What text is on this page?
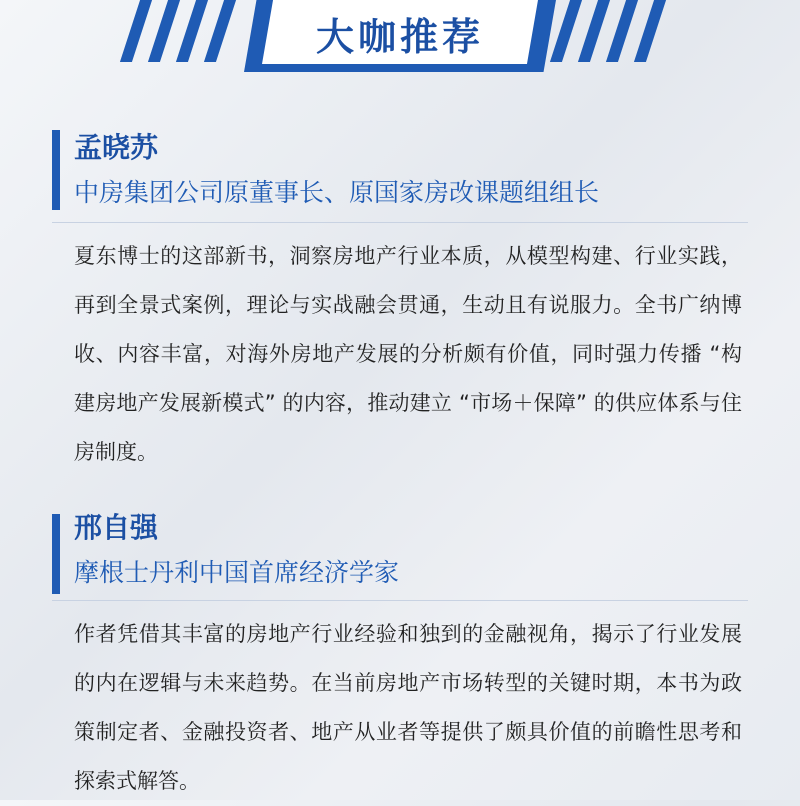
大咖推荐
孟晓苏
中房集团公司原董事长、原国家房改课题组组长

夏东博士的这部新书，洞察房地产行业本质，从模型构建、行业实践，再到全景式案例，理论与实战融会贯通，生动且有说服力。全书广纳博收、内容丰富，对海外房地产发展的分析颇有价值，同时强力传播 “构建房地产发展新模式” 的内容，推动建立 “市场＋保障” 的供应体系与住房制度。

邢自强
摩根士丹利中国首席经济学家

作者凭借其丰富的房地产行业经验和独到的金融视角，揭示了行业发展的内在逻辑与未来趋势。在当前房地产市场转型的关键时期，本书为政策制定者、金融投资者、地产从业者等提供了颇具价值的前瞻性思考和探索式解答。
